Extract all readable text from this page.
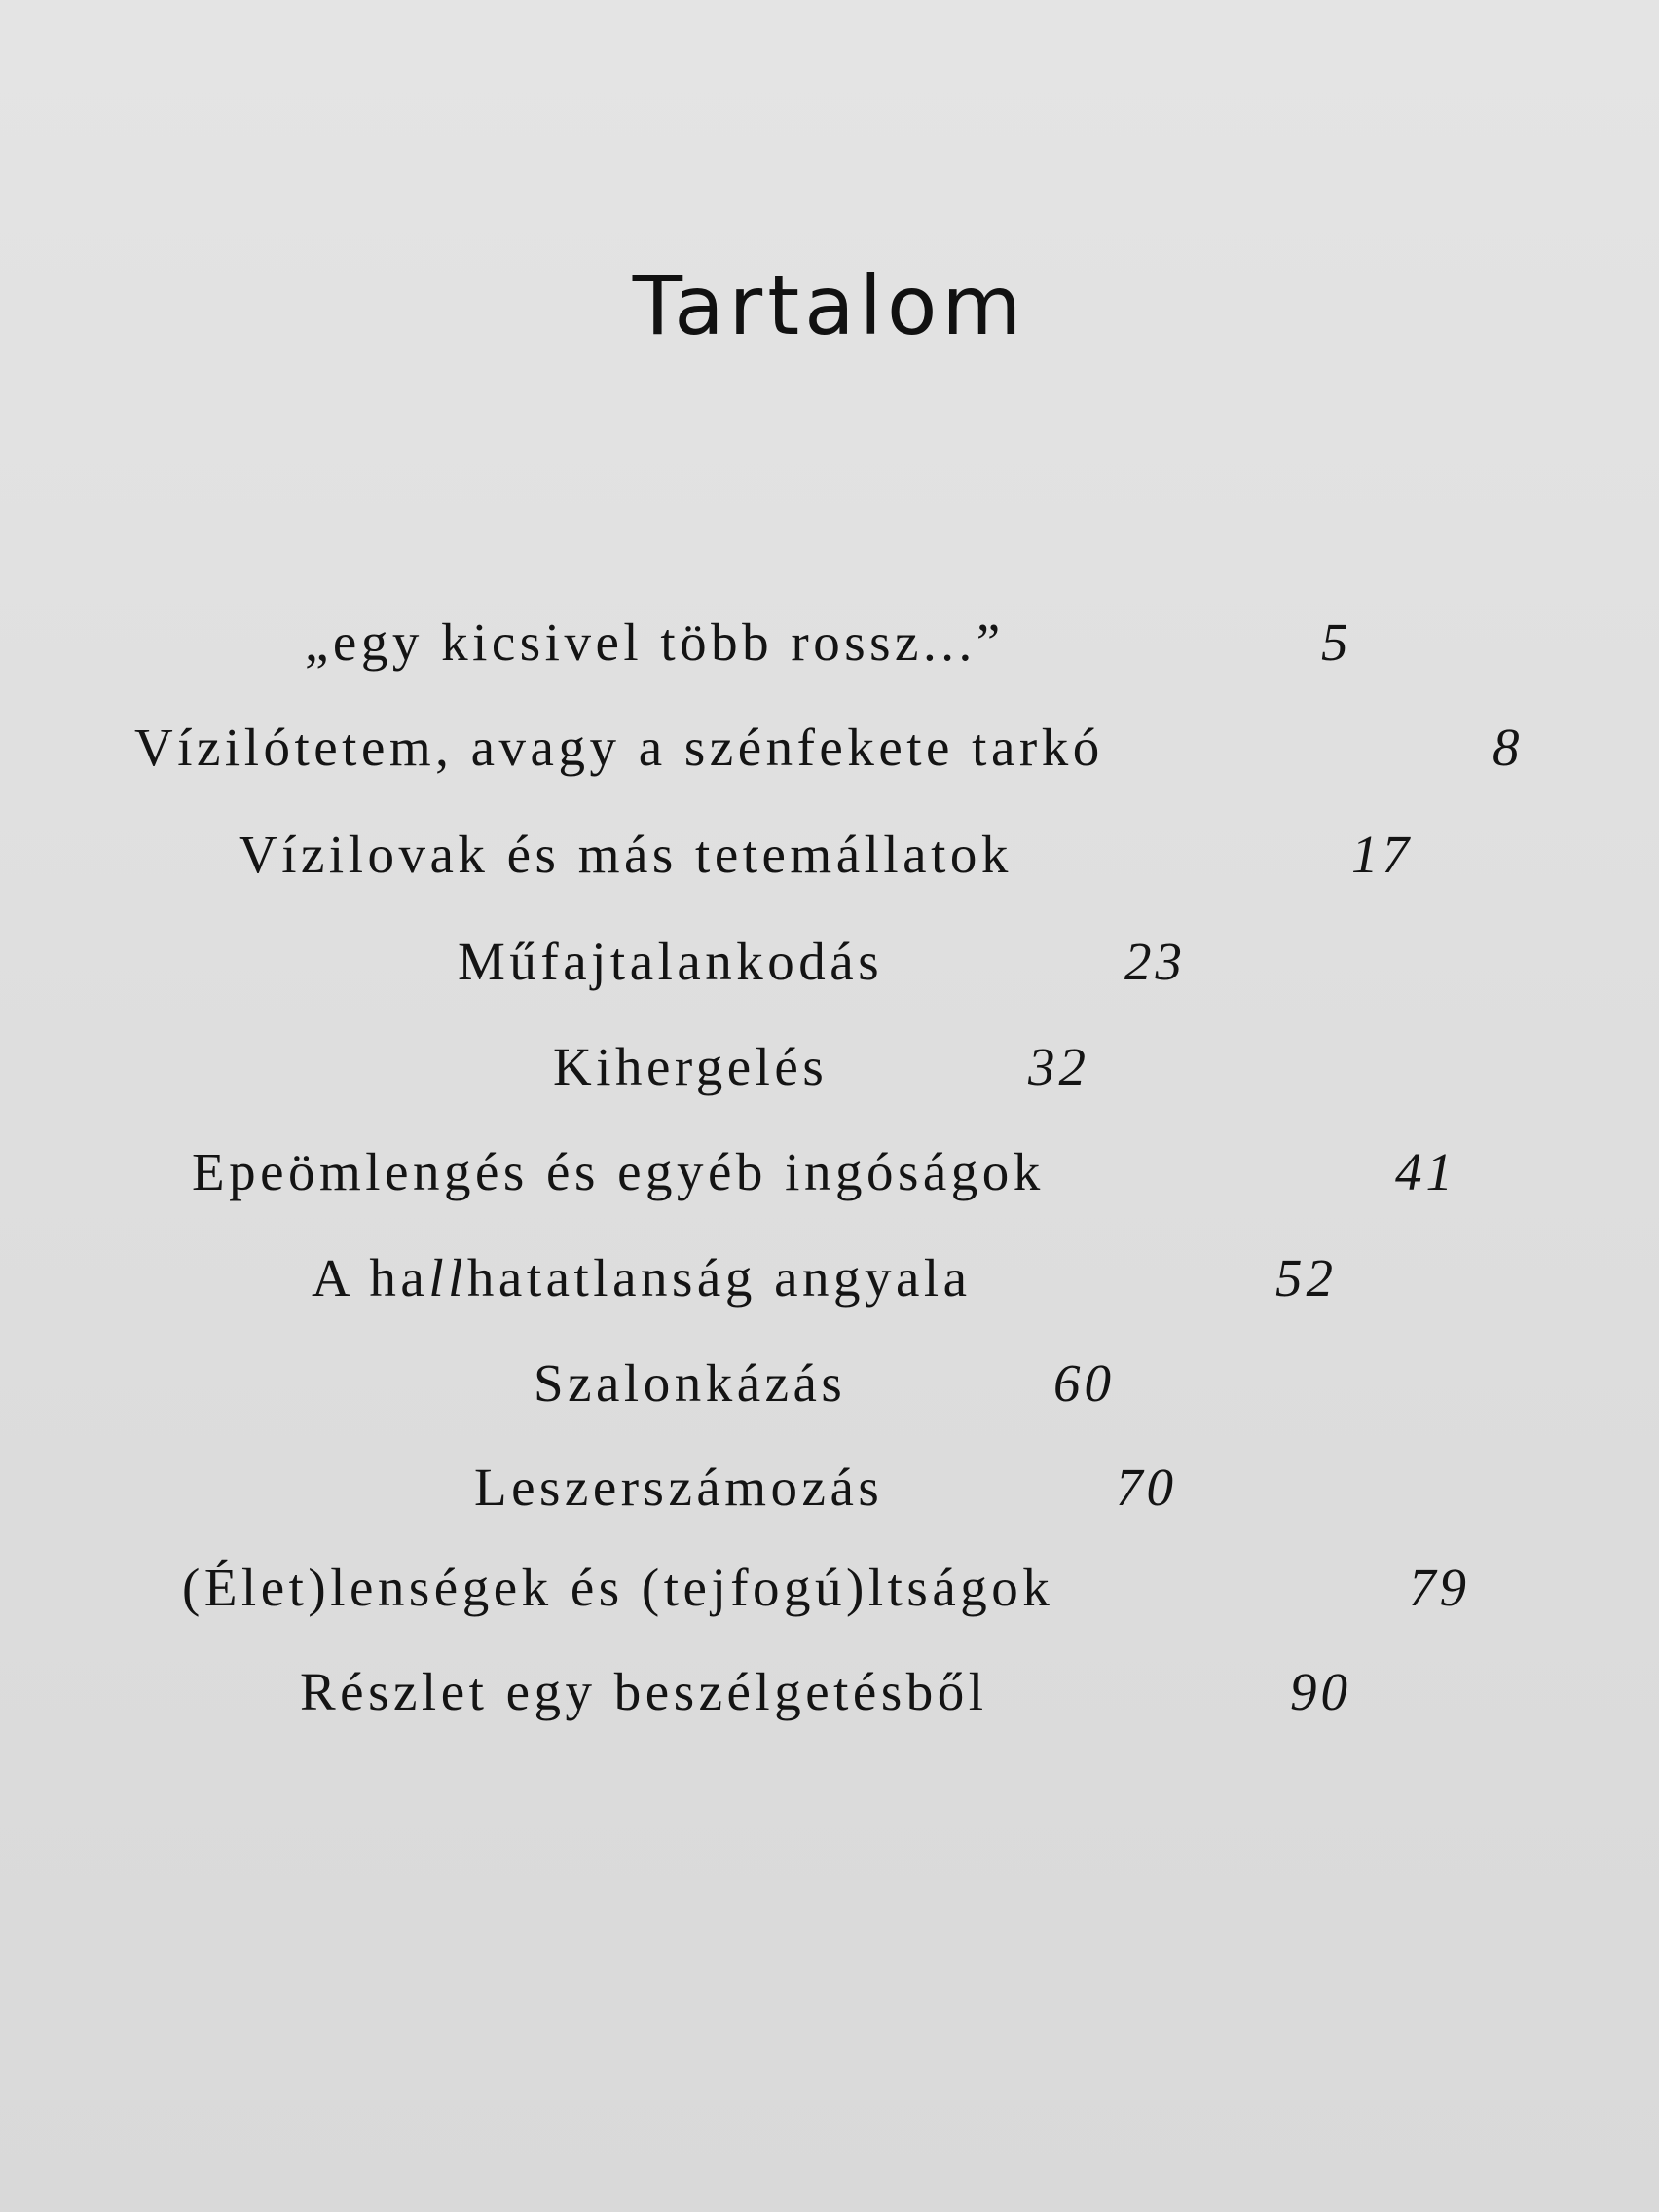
Tartalom
„egy kicsivel több rossz...”	5
Vízilótetem, avagy a szénfekete tarkó	8
Vízilovak és más tetemállatok	17
Műfajtalankodás	23
Kihergelés	32
Epeömlengés és egyéb ingóságok	41
A hallhatatlanság angyala	52
Szalonkázás	60
Leszerszámozás	70
(Élet)lenségek és (tejfogú)ltságok	79
Részlet egy beszélgetésből	90
